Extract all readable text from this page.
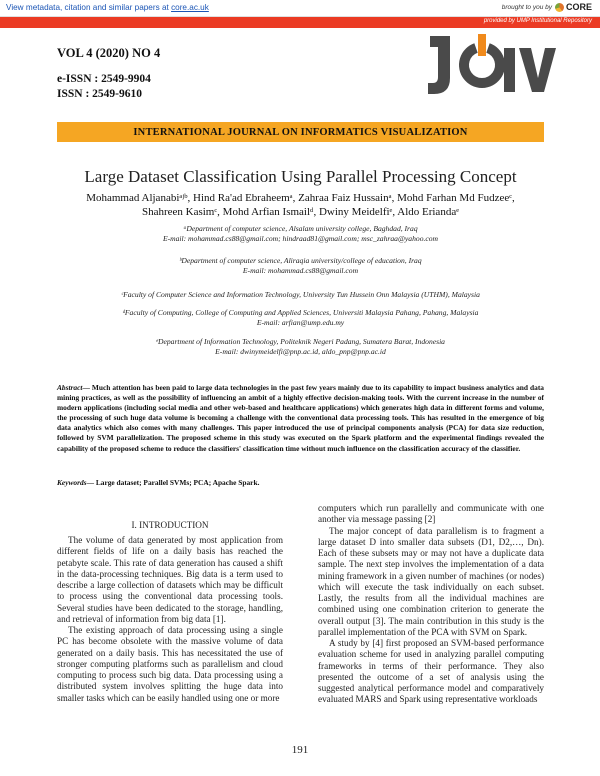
View metadata, citation and similar papers at core.ac.uk	brought to you by CORE
provided by UMP Institutional Repository
VOL 4 (2020) NO 4
e-ISSN : 2549-9904
ISSN : 2549-9610
INTERNATIONAL JOURNAL ON INFORMATICS VISUALIZATION
Large Dataset Classification Using Parallel Processing Concept
Mohammad Aljanabiᵃʲᵇ, Hind Ra'ad Ebraheemᵃ, Zahraa Faiz Hussainᵃ, Mohd Farhan Md Fudzeeᶜ,
Shahreen Kasimᶜ, Mohd Arfian Ismailᵈ, Dwiny Meidelfiᵉ, Aldo Eriandaᵉ
ᵃDepartment of computer science, Alsalam university college, Baghdad, Iraq
E-mail: mohammad.cs88@gmail.com; hindraad81@gmail.com; msc_zahraa@yahoo.com
ᵇDepartment of computer science, Aliraqia university/college of education, Iraq
E-mail: mohammad.cs88@gmail.com
ᶜFaculty of Computer Science and Information Technology, University Tun Hussein Onn Malaysia (UTHM), Malaysia
ᵈFaculty of Computing, College of Computing and Applied Sciences, Universiti Malaysia Pahang, Pahang, Malaysia
E-mail: arfian@ump.edu.my
ᵉDepartment of Information Technology, Politeknik Negeri Padang, Sumatera Barat, Indonesia
E-mail: dwinymeidelfi@pnp.ac.id, aldo_pnp@pnp.ac.id
Abstract— Much attention has been paid to large data technologies in the past few years mainly due to its capability to impact business analytics and data mining practices, as well as the possibility of influencing an ambit of a highly effective decision-making tools. With the current increase in the number of modern applications (including social media and other web-based and healthcare applications) which generates high data in different forms and volume, the processing of such huge data volume is becoming a challenge with the conventional data processing tools. This has resulted in the emergence of big data analytics which also comes with many challenges. This paper introduced the use of principal components analysis (PCA) for data size reduction, followed by SVM parallelization. The proposed scheme in this study was executed on the Spark platform and the experimental findings revealed the capability of the proposed scheme to reduce the classifiers' classification time without much influence on the classification accuracy of the classifier.
Keywords— Large dataset; Parallel SVMs; PCA; Apache Spark.
I. INTRODUCTION

The volume of data generated by most application from different fields of life on a daily basis has reached the petabyte scale. This rate of data generation has caused a shift in the data-processing techniques. Big data is a term used to describe a large collection of datasets which may be difficult to process using the conventional data processing tools. Several studies have been dedicated to the storage, handling, and retrieval of information from big data [1].

The existing approach of data processing using a single PC has become obsolete with the massive volume of data generated on a daily basis. This has necessitated the use of stronger computing platforms such as parallelism and cloud computing to process such big data. Data processing using a distributed system involves splitting the huge data into smaller tasks which can be easily handled using one or more

computers which run parallelly and communicate with one another via message passing [2]

The major concept of data parallelism is to fragment a large dataset D into smaller data subsets (D1, D2,…, Dn). Each of these subsets may or may not have a duplicate data sample. The next step involves the implementation of a data mining framework in a given number of machines (or nodes) which will execute the task individually on each subset. Lastly, the results from all the individual machines are combined using one combination criterion to generate the overall output [3]. The main contribution in this study is the parallel implementation of the PCA with SVM on Spark.

A study by [4] first proposed an SVM-based performance evaluation scheme for used in analyzing parallel computing frameworks in terms of their performance. They also presented the outcome of a set of analysis using the suggested analytical performance model and comparatively evaluated MARS and Spark using representative workloads

191
